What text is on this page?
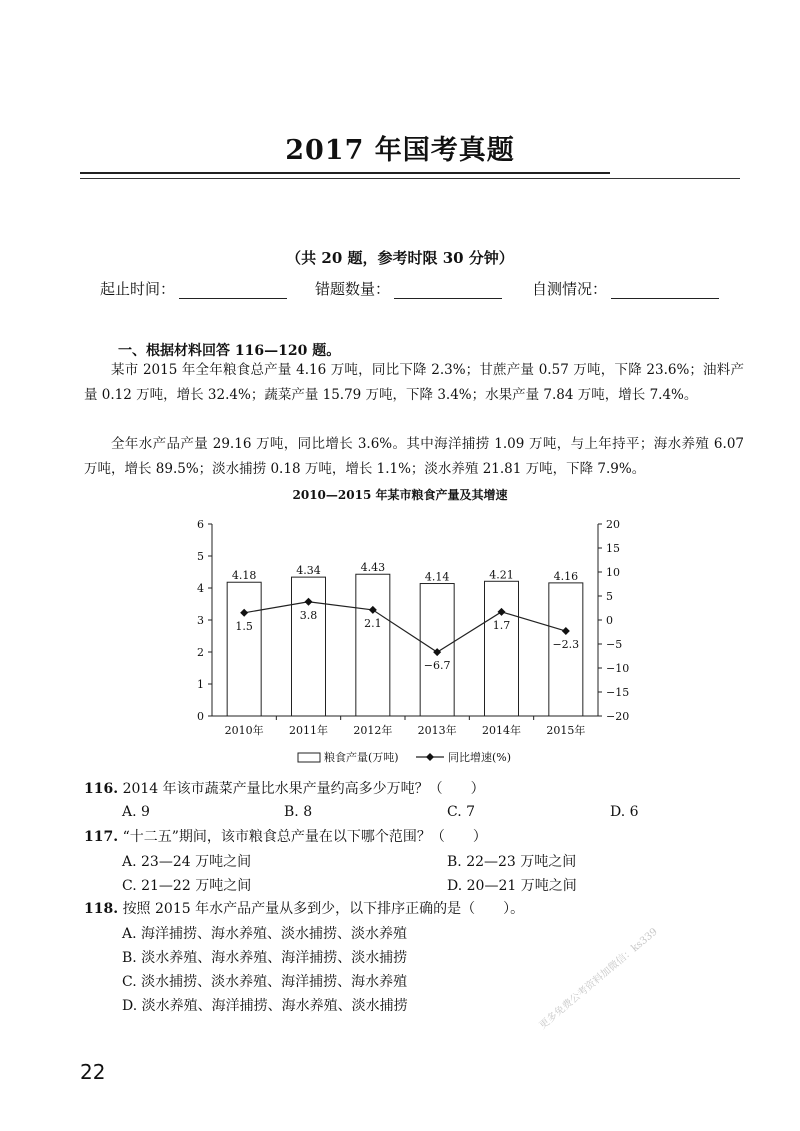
2017 年国考真题
（共 20 题，参考时限 30 分钟）
起止时间：	错题数量：	自测情况：
一、根据材料回答 116—120 题。
某市 2015 年全年粮食总产量 4.16 万吨，同比下降 2.3%；甘蔗产量 0.57 万吨，下降 23.6%；油料产量 0.12 万吨，增长 32.4%；蔬菜产量 15.79 万吨，下降 3.4%；水果产量 7.84 万吨，增长 7.4%。
全年水产品产量 29.16 万吨，同比增长 3.6%。其中海洋捕捞 1.09 万吨，与上年持平；海水养殖 6.07 万吨，增长 89.5%；淡水捕捞 0.18 万吨，增长 1.1%；淡水养殖 21.81 万吨，下降 7.9%。
2010—2015 年某市粮食产量及其增速
0
1
2
3
4
5
6
−20
−15
−10
−5
0
5
10
15
20
2010年 2011年 2012年 2013年 2014年 2015年
4.18	4.34	4.43
4.14	4.21	4.16
1.5
3.8
2.1
−6.7
1.7
−2.3
粮食产量(万吨)	同比增速(%)
116. 2014 年该市蔬菜产量比水果产量约高多少万吨？（　　）
A. 9	B. 8	C. 7	D. 6
117. “十二五”期间，该市粮食总产量在以下哪个范围？（　　）
A. 23—24 万吨之间	B. 22—23 万吨之间
C. 21—22 万吨之间	D. 20—21 万吨之间
118. 按照 2015 年水产品产量从多到少，以下排序正确的是（　　）。
A. 海洋捕捞、海水养殖、淡水捕捞、淡水养殖
B. 淡水养殖、海水养殖、海洋捕捞、淡水捕捞
C. 淡水捕捞、淡水养殖、海洋捕捞、海水养殖
D. 淡水养殖、海洋捕捞、海水养殖、淡水捕捞
22
更多免费公考资料加微信：ks339
